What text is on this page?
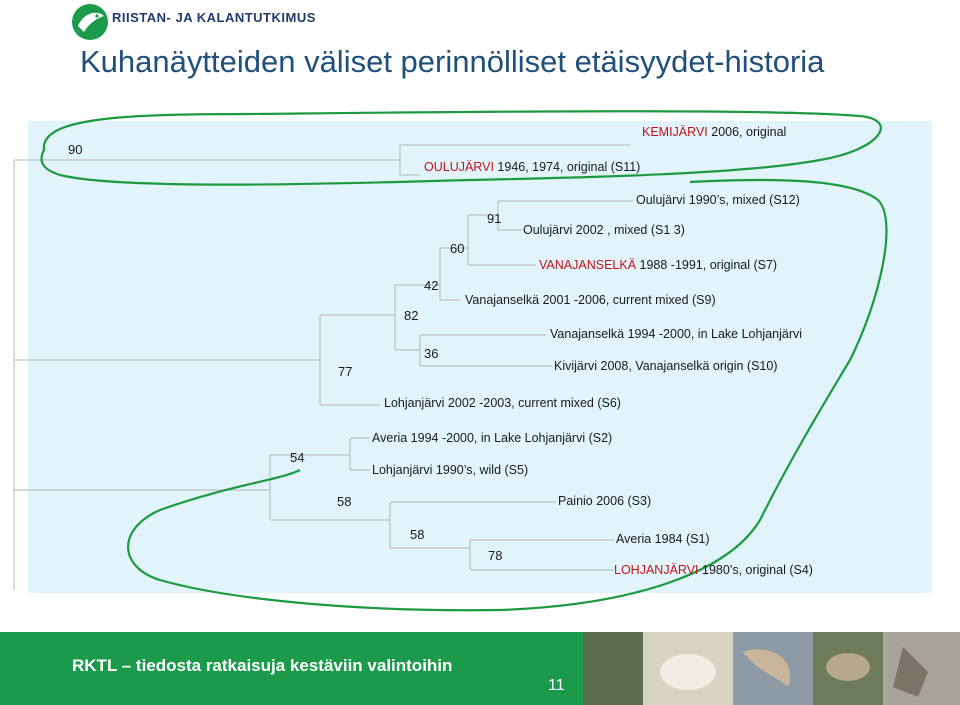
RIISTAN- JA KALANTUTKIMUS
Kuhanäytteiden väliset perinnölliset etäisyydet-historia
90
91
60
42
82
36
77
54
58
58
78
KEMIJÄRVI 2006, original
OULUJÄRVI 1946, 1974, original (S11)
Oulujärvi 1990’s, mixed (S12)
Oulujärvi 2002 , mixed (S1 3)
VANAJANSELKÄ 1988 -1991, original (S7)
Vanajanselkä 2001 -2006, current mixed (S9)
Vanajanselkä 1994 -2000, in Lake Lohjanjärvi
Kivijärvi 2008, Vanajanselkä origin (S10)
Lohjanjärvi 2002 -2003, current mixed (S6)
Averia 1994 -2000, in Lake Lohjanjärvi (S2)
Lohjanjärvi 1990’s, wild (S5)
Painio 2006 (S3)
Averia 1984 (S1)
LOHJANJÄRVI 1980’s, original (S4)
RKTL – tiedosta ratkaisuja kestäviin valintoihin
11
